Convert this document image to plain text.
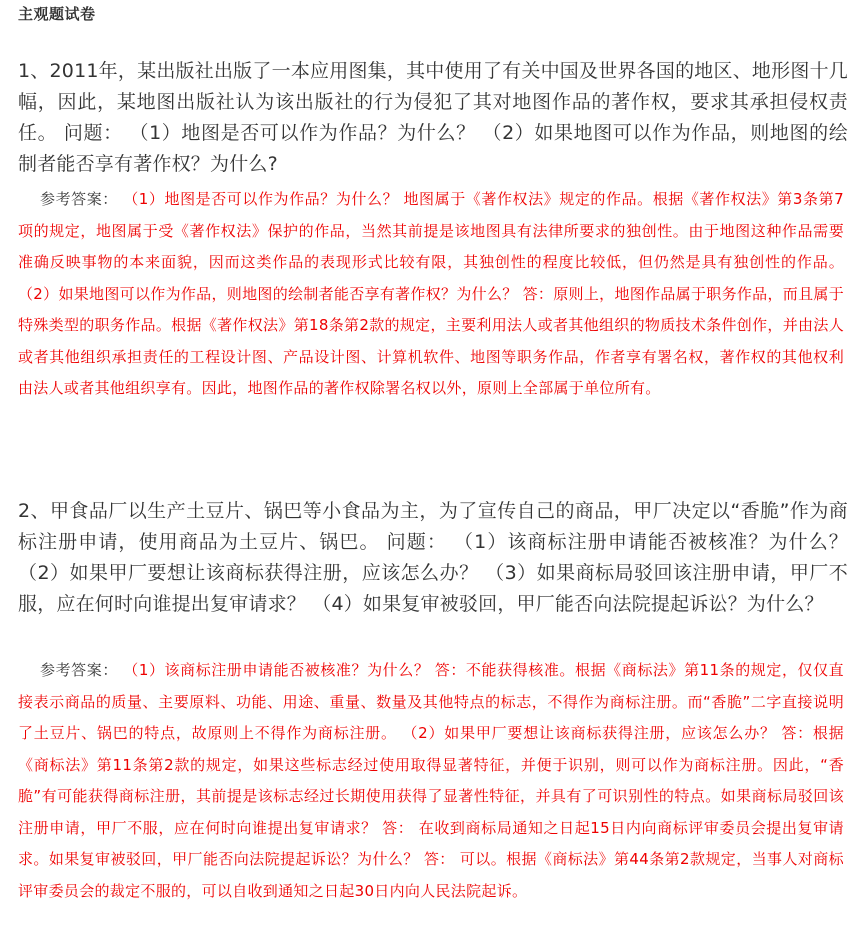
主观题试卷
1、2011年，某出版社出版了一本应用图集，其中使用了有关中国及世界各国的地区、地形图十几幅，因此，某地图出版社认为该出版社的行为侵犯了其对地图作品的著作权，要求其承担侵权责任。 问题： （1）地图是否可以作为作品？为什么？ （2）如果地图可以作为作品，则地图的绘制者能否享有著作权？为什么?
参考答案： （1）地图是否可以作为作品？为什么？ 地图属于《著作权法》规定的作品。根据《著作权法》第3条第7项的规定，地图属于受《著作权法》保护的作品，当然其前提是该地图具有法律所要求的独创性。由于地图这种作品需要准确反映事物的本来面貌，因而这类作品的表现形式比较有限，其独创性的程度比较低，但仍然是具有独创性的作品。 （2）如果地图可以作为作品，则地图的绘制者能否享有著作权？为什么？ 答：原则上，地图作品属于职务作品，而且属于特殊类型的职务作品。根据《著作权法》第18条第2款的规定，主要利用法人或者其他组织的物质技术条件创作，并由法人或者其他组织承担责任的工程设计图、产品设计图、计算机软件、地图等职务作品，作者享有署名权，著作权的其他权利由法人或者其他组织享有。因此，地图作品的著作权除署名权以外，原则上全部属于单位所有。
2、甲食品厂以生产土豆片、锅巴等小食品为主，为了宣传自己的商品，甲厂决定以“香脆”作为商标注册申请，使用商品为土豆片、锅巴。 问题： （1）该商标注册申请能否被核准？为什么？ （2）如果甲厂要想让该商标获得注册，应该怎么办？ （3）如果商标局驳回该注册申请，甲厂不服，应在何时向谁提出复审请求？ （4）如果复审被驳回，甲厂能否向法院提起诉讼？为什么？
参考答案： （1）该商标注册申请能否被核准？为什么？ 答：不能获得核准。根据《商标法》第11条的规定，仅仅直接表示商品的质量、主要原料、功能、用途、重量、数量及其他特点的标志，不得作为商标注册。而“香脆”二字直接说明了土豆片、锅巴的特点，故原则上不得作为商标注册。 （2）如果甲厂要想让该商标获得注册，应该怎么办？ 答：根据《商标法》第11条第2款的规定，如果这些标志经过使用取得显著特征，并便于识别，则可以作为商标注册。因此，“香脆”有可能获得商标注册，其前提是该标志经过长期使用获得了显著性特征，并具有了可识别性的特点。如果商标局驳回该注册申请，甲厂不服，应在何时向谁提出复审请求？ 答： 在收到商标局通知之日起15日内向商标评审委员会提出复审请求。如果复审被驳回，甲厂能否向法院提起诉讼？为什么？ 答： 可以。根据《商标法》第44条第2款规定，当事人对商标评审委员会的裁定不服的，可以自收到通知之日起30日内向人民法院起诉。
